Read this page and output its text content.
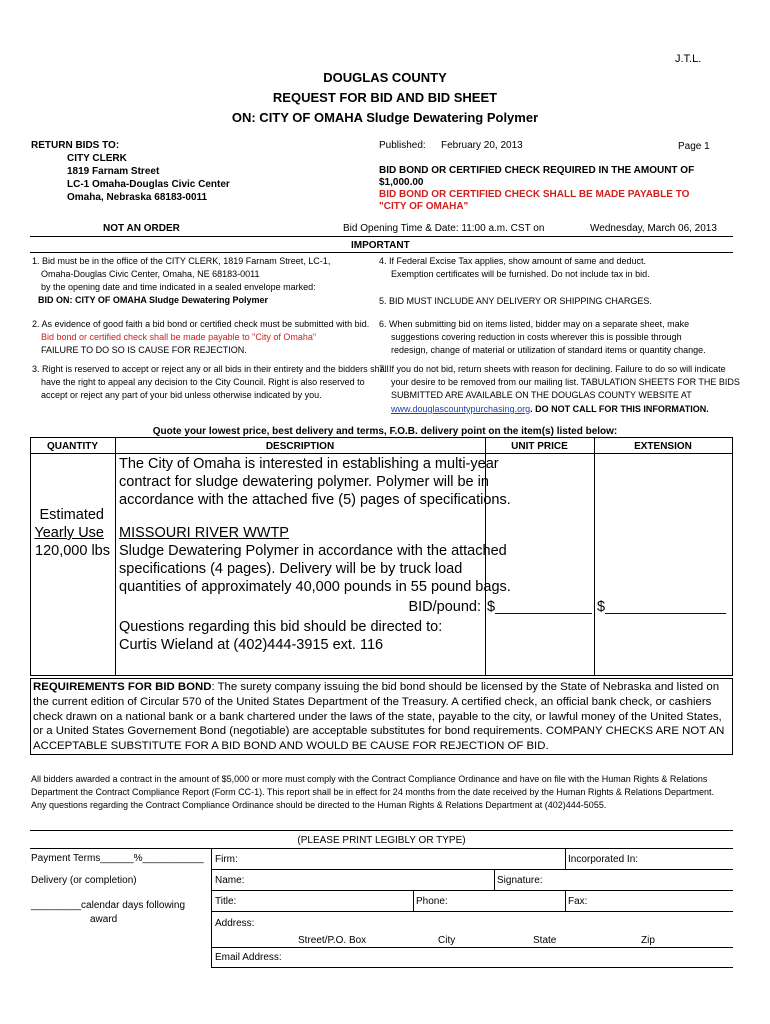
J.T.L.
DOUGLAS COUNTY
REQUEST FOR BID AND BID SHEET
ON: CITY OF OMAHA Sludge Dewatering Polymer
RETURN BIDS TO:
CITY CLERK
1819 Farnam Street
LC-1 Omaha-Douglas Civic Center
Omaha, Nebraska 68183-0011
Published: February 20, 2013	Page 1
BID BOND OR CERTIFIED CHECK REQUIRED IN THE AMOUNT OF
$1,000.00
BID BOND OR CERTIFIED CHECK SHALL BE MADE PAYABLE TO
"CITY OF OMAHA"
NOT AN ORDER	Bid Opening Time & Date: 11:00 a.m. CST on	Wednesday, March 06, 2013
IMPORTANT
1. Bid must be in the office of the CITY CLERK, 1819 Farnam Street, LC-1,
Omaha-Douglas Civic Center, Omaha, NE 68183-0011
by the opening date and time indicated in a sealed envelope marked:
BID ON: CITY OF OMAHA Sludge Dewatering Polymer
2. As evidence of good faith a bid bond or certified check must be submitted with bid.
Bid bond or certified check shall be made payable to "City of Omaha"
FAILURE TO DO SO IS CAUSE FOR REJECTION.
3. Right is reserved to accept or reject any or all bids in their entirety and the bidders shall
have the right to appeal any decision to the City Council. Right is also reserved to
accept or reject any part of your bid unless otherwise indicated by you.
4. If Federal Excise Tax applies, show amount of same and deduct.
Exemption certificates will be furnished. Do not include tax in bid.
5. BID MUST INCLUDE ANY DELIVERY OR SHIPPING CHARGES.
6. When submitting bid on items listed, bidder may on a separate sheet, make
suggestions covering reduction in costs wherever this is possible through
redesign, change of material or utilization of standard items or quantity change.
7. If you do not bid, return sheets with reason for declining. Failure to do so will indicate
your desire to be removed from our mailing list. TABULATION SHEETS FOR THE BIDS
SUBMITTED ARE AVAILABLE ON THE DOUGLAS COUNTY WEBSITE AT
www.douglascountypurchasing.org. DO NOT CALL FOR THIS INFORMATION.
Quote your lowest price, best delivery and terms, F.O.B. delivery point on the item(s) listed below:
QUANTITY	DESCRIPTION	UNIT PRICE	EXTENSION
Estimated
Yearly Use
120,000 lbs
The City of Omaha is interested in establishing a multi-year
contract for sludge dewatering polymer. Polymer will be in
accordance with the attached five (5) pages of specifications.
MISSOURI RIVER WWTP
Sludge Dewatering Polymer in accordance with the attached
specifications (4 pages). Delivery will be by truck load
quantities of approximately 40,000 pounds in 55 pound bags.
BID/pound:
Questions regarding this bid should be directed to:
Curtis Wieland at (402)444-3915 ext. 116
$____________ $_______________
REQUIREMENTS FOR BID BOND: The surety company issuing the bid bond should be licensed by the State of Nebraska and listed on the current edition of Circular 570 of the United States Department of the Treasury. A certified check, an official bank check, or cashiers check drawn on a national bank or a bank chartered under the laws of the state, payable to the city, or lawful money of the United States, or a United States Governement Bond (negotiable) are acceptable substitutes for bond requirements. COMPANY CHECKS ARE NOT AN ACCEPTABLE SUBSTITUTE FOR A BID BOND AND WOULD BE CAUSE FOR REJECTION OF BID.
All bidders awarded a contract in the amount of $5,000 or more must comply with the Contract Compliance Ordinance and have on file with the Human Rights & Relations Department the Contract Compliance Report (Form CC-1). This report shall be in effect for 24 months from the date received by the Human Rights & Relations Department. Any questions regarding the Contract Compliance Ordinance should be directed to the Human Rights & Relations Department at (402)444-5055.
(PLEASE PRINT LEGIBLY OR TYPE)
Payment Terms______%___________ Firm:	Incorporated In:
Delivery (or completion)	Name:	Signature:
_________calendar days following
award
Title:	Phone:	Fax:
Address:
Street/P.O. Box	City	State	Zip
Email Address:
